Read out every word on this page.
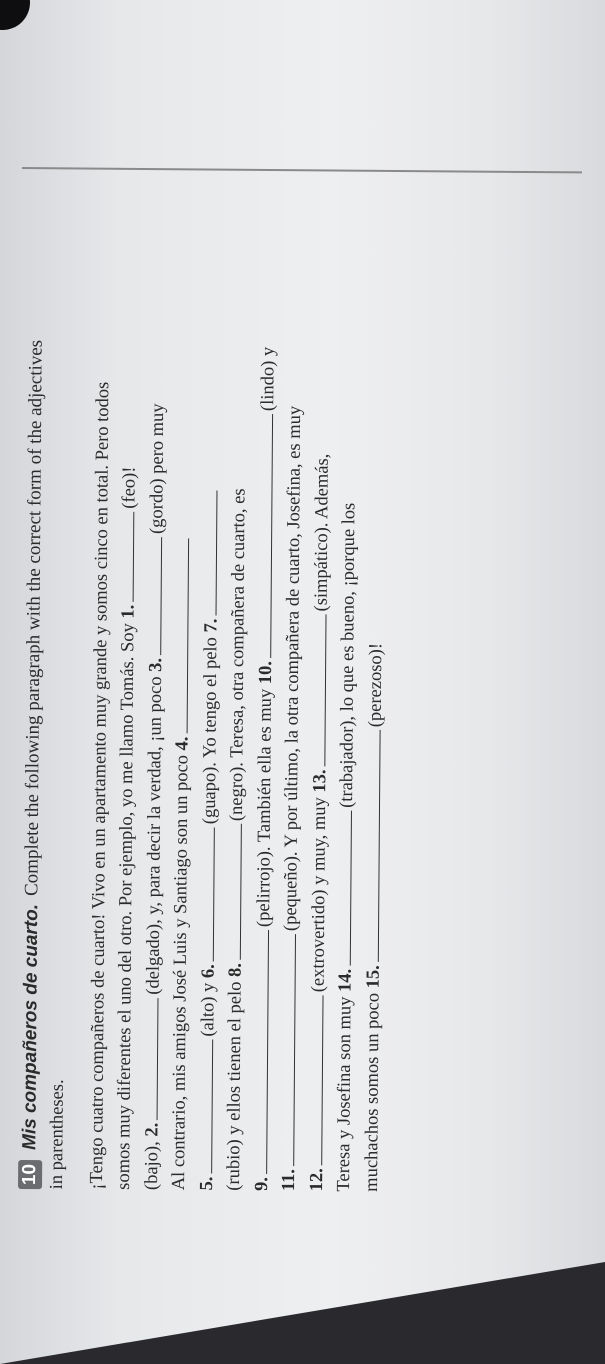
10Mis compañeros de cuarto.Complete the following paragraph with the correct form of the adjectives
in parentheses.	¡Tengo cuatro compañeros de cuarto! Vivo en un apartamento muy grande y somos cinco en total. Pero todos somos muy diferentes el uno del otro. Por ejemplo, yo me llamo Tomás. Soy 1.(feo)!
(bajo), 2.(delgado), y, para decir la verdad, ¡un poco 3.(gordo) pero muy
Al contrario, mis amigos José Luis y Santiago son un poco 4.
5.(alto) y 6.(guapo). Yo tengo el pelo 7.
(rubio) y ellos tienen el pelo 8.(negro). Teresa, otra compañera de cuarto, es
9.(pelirrojo). También ella es muy 10.(lindo) y
11.(pequeño). Y por último, la otra compañera de cuarto, Josefina, es muy
12.(extrovertido) y muy, muy 13.(simpático). Además,
Teresa y Josefina son muy 14.(trabajador), lo que es bueno, ¡porque los
muchachos somos un poco 15.(perezoso)!
